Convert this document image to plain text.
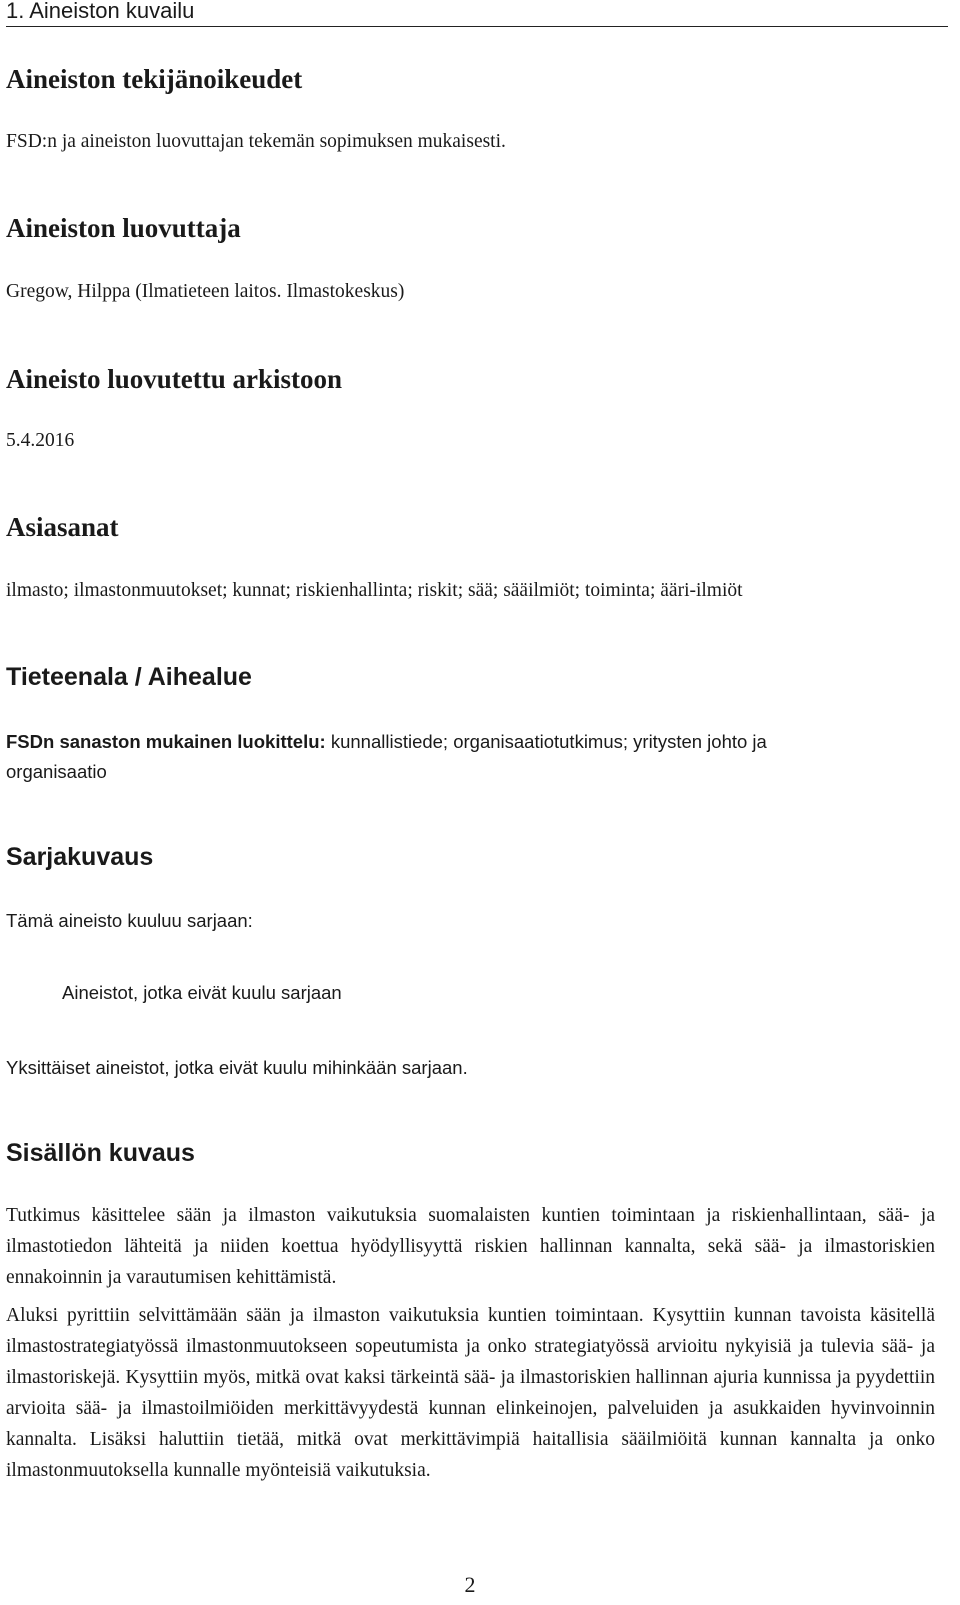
1. Aineiston kuvailu
Aineiston tekijänoikeudet

FSD:n ja aineiston luovuttajan tekemän sopimuksen mukaisesti.

Aineiston luovuttaja

Gregow, Hilppa (Ilmatieteen laitos. Ilmastokeskus)

Aineisto luovutettu arkistoon

5.4.2016

Asiasanat

ilmasto; ilmastonmuutokset; kunnat; riskienhallinta; riskit; sää; sääilmiöt; toiminta; ääri-ilmiöt

Tieteenala / Aihealue

FSDn sanaston mukainen luokittelu: kunnallistiede; organisaatiotutkimus; yritysten johto ja

organisaatio

Sarjakuvaus

Tämä aineisto kuuluu sarjaan:

Aineistot, jotka eivät kuulu sarjaan

Yksittäiset aineistot, jotka eivät kuulu mihinkään sarjaan.

Sisällön kuvaus

Tutkimus käsittelee sään ja ilmaston vaikutuksia suomalaisten kuntien toimintaan ja riskienhallintaan, sää- ja ilmastotiedon lähteitä ja niiden koettua hyödyllisyyttä riskien hallinnan kannalta, sekä sää- ja ilmastoriskien ennakoinnin ja varautumisen kehittämistä.

Aluksi pyrittiin selvittämään sään ja ilmaston vaikutuksia kuntien toimintaan. Kysyttiin kunnan tavoista käsitellä ilmastostrategiatyössä ilmastonmuutokseen sopeutumista ja onko strategiatyössä arvioitu nykyisiä ja tulevia sää- ja ilmastoriskejä. Kysyttiin myös, mitkä ovat kaksi tärkeintä sää- ja ilmastoriskien hallinnan ajuria kunnissa ja pyydettiin arvioita sää- ja ilmastoilmiöiden merkittävyydestä kunnan elinkeinojen, palveluiden ja asukkaiden hyvinvoinnin kannalta. Lisäksi haluttiin tietää, mitkä ovat merkittävimpiä haitallisia sääilmiöitä kunnan kannalta ja onko ilmastonmuutoksella kunnalle myönteisiä vaikutuksia.

2
